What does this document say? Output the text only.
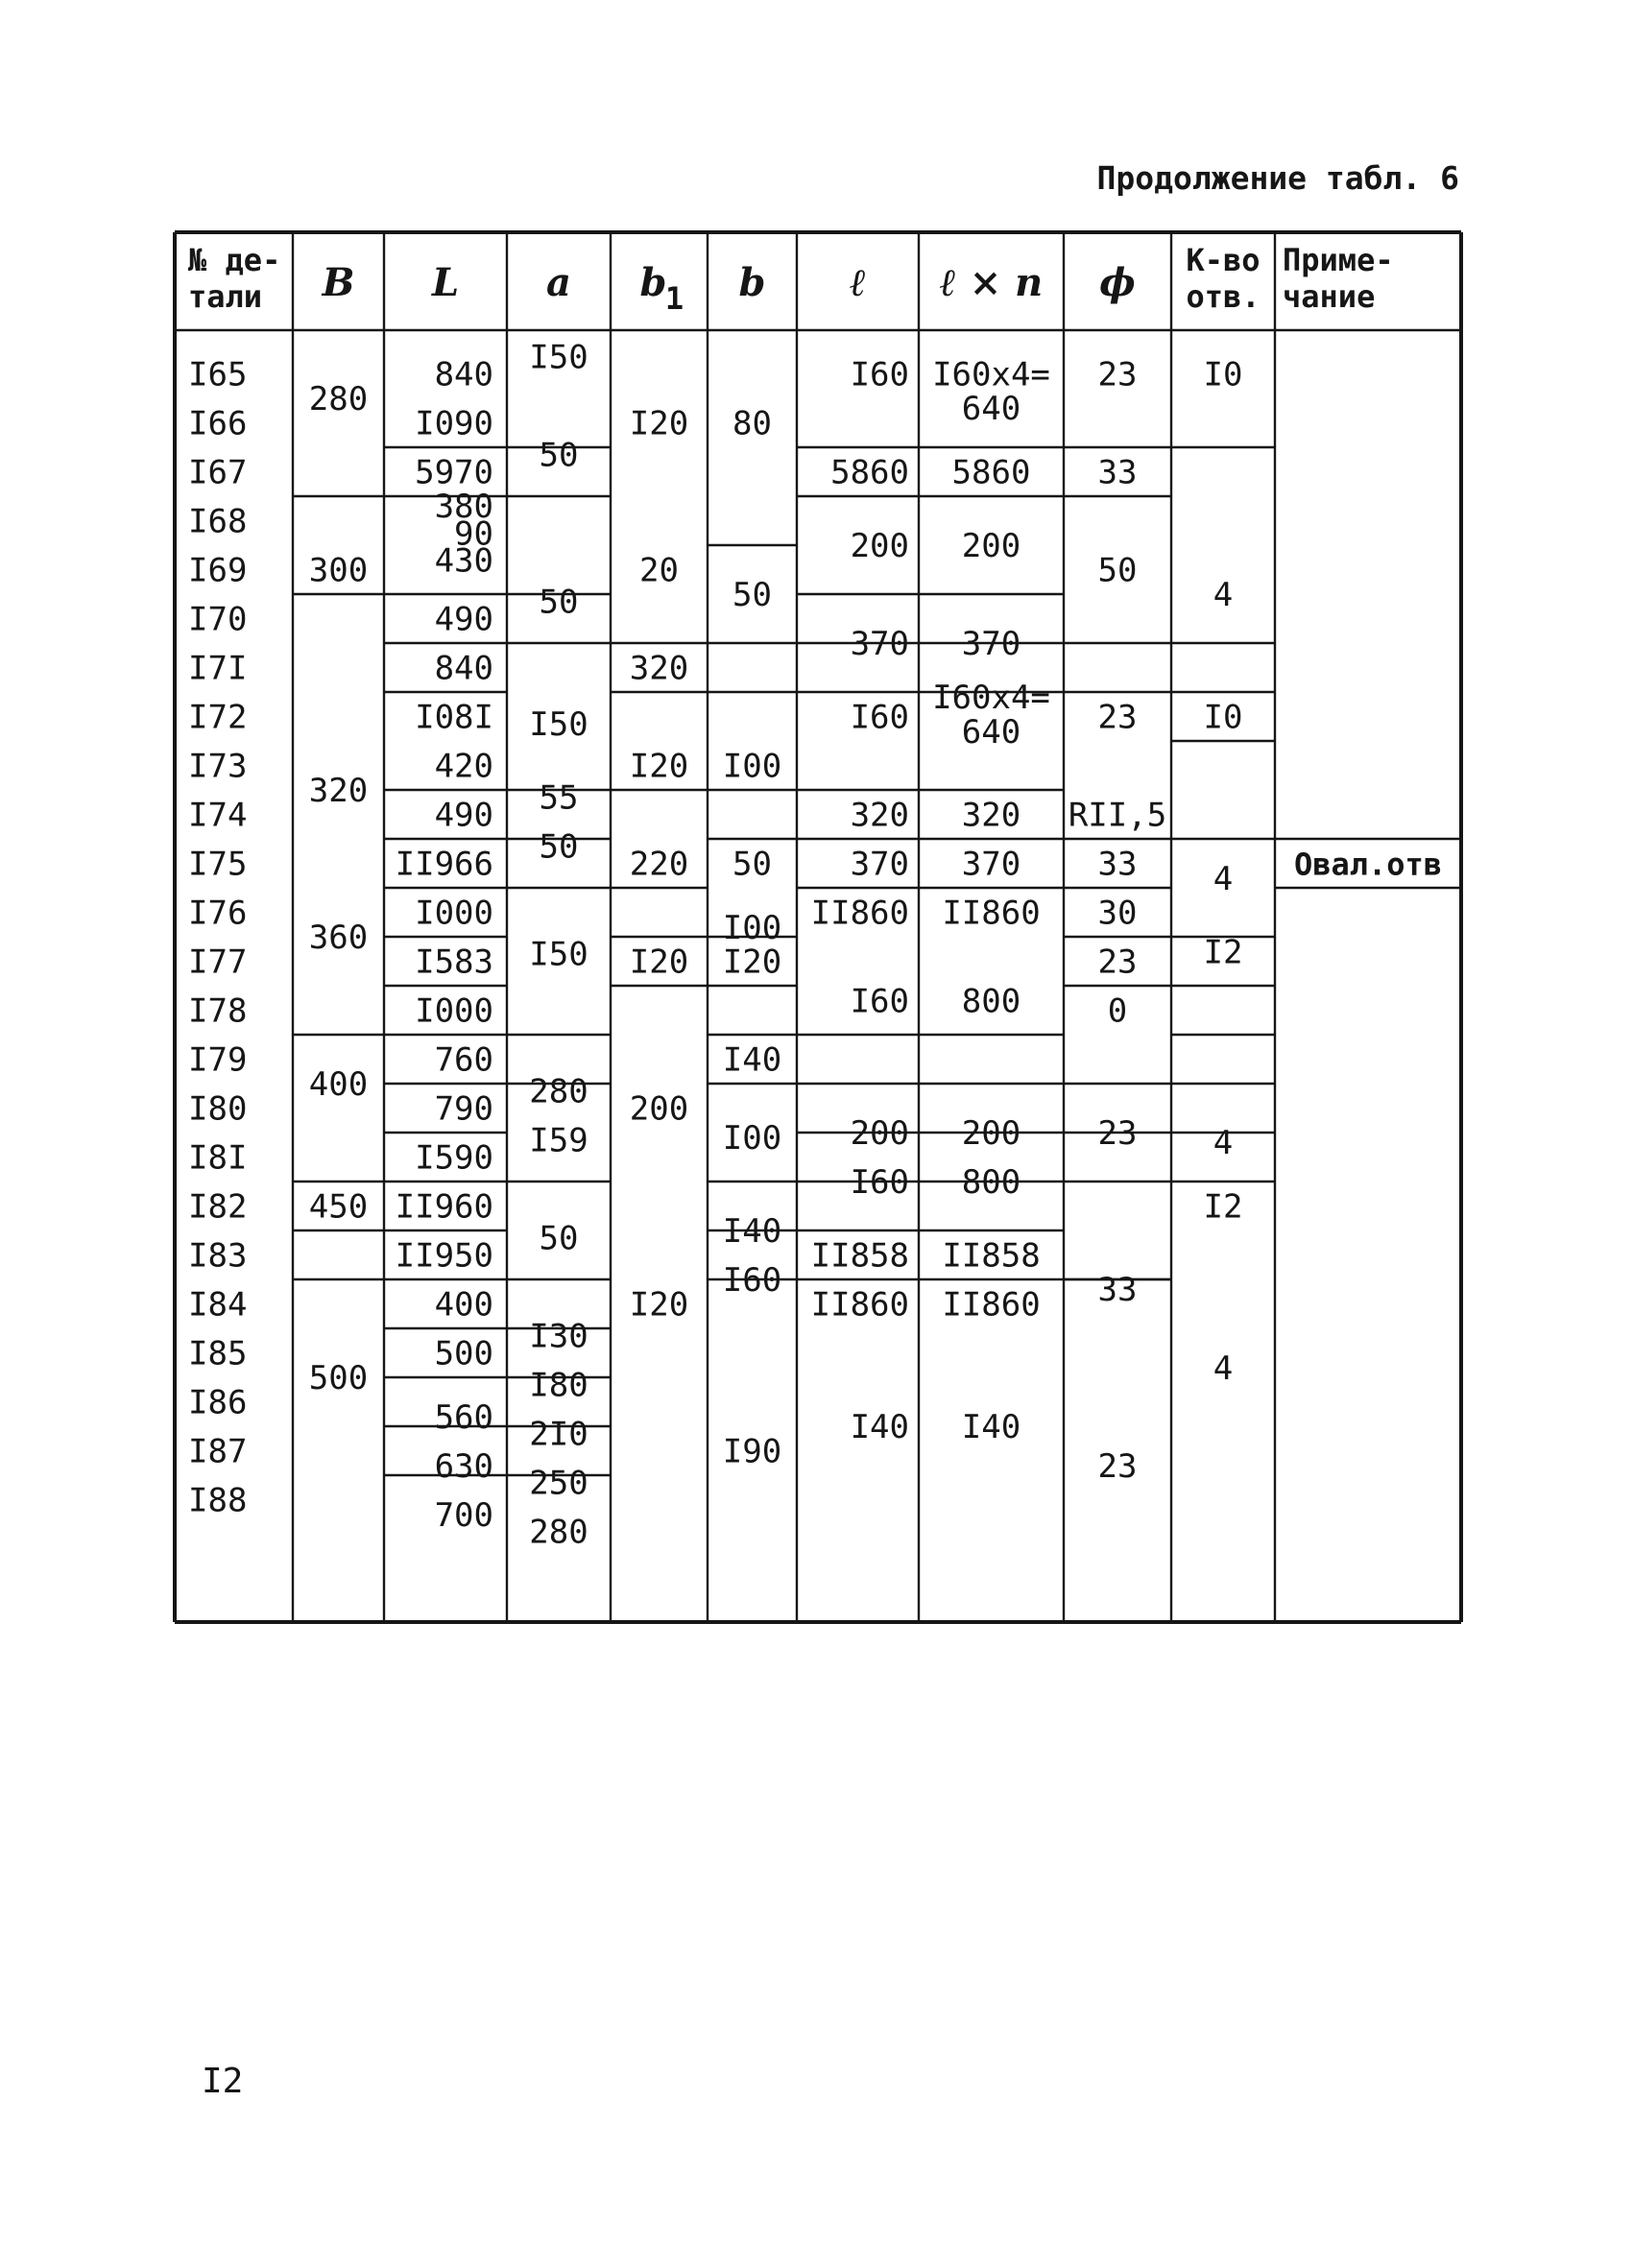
Продолжение табл. 6
№ де-
тали B L a b
1 b ℓ ℓ × n ϕ К-во
отв.
Приме-
чание
I65
I66
I67
I68
I69
I70
I7I
I72
I73
I74
I75
I76
I77
I78
I79
I80
I8I
I82
I83
I84
I85
I86
I87
I88
280
300
320
360
400
450
500
840
I090
5970
380
90
430
490
840
I08I
420
490
II966
I000
I583
I000
760
790
I590
II960
II950
400
500
560
630
700
I50
50
50
I50
55
50
I50
280
I59
50
I30
I80
2I0
250
280
I20
20
320
I20
220
I20
200
I20
80
50
I00
50
I00
I20
I40
I00
I40
I60
I90
I60
5860
200
370
I60
320
370
II860
I60
200
I60
II858
II860
I40
I60x4=
640
5860
200
370
I60x4=
640
320
370
II860
800
200
800
II858
II860
I40
23
33
50
23
RII,5
33
30
23
0
23
33
23
I0
4
I0
4
I2
4
I2
4
Овал.отв
I2
